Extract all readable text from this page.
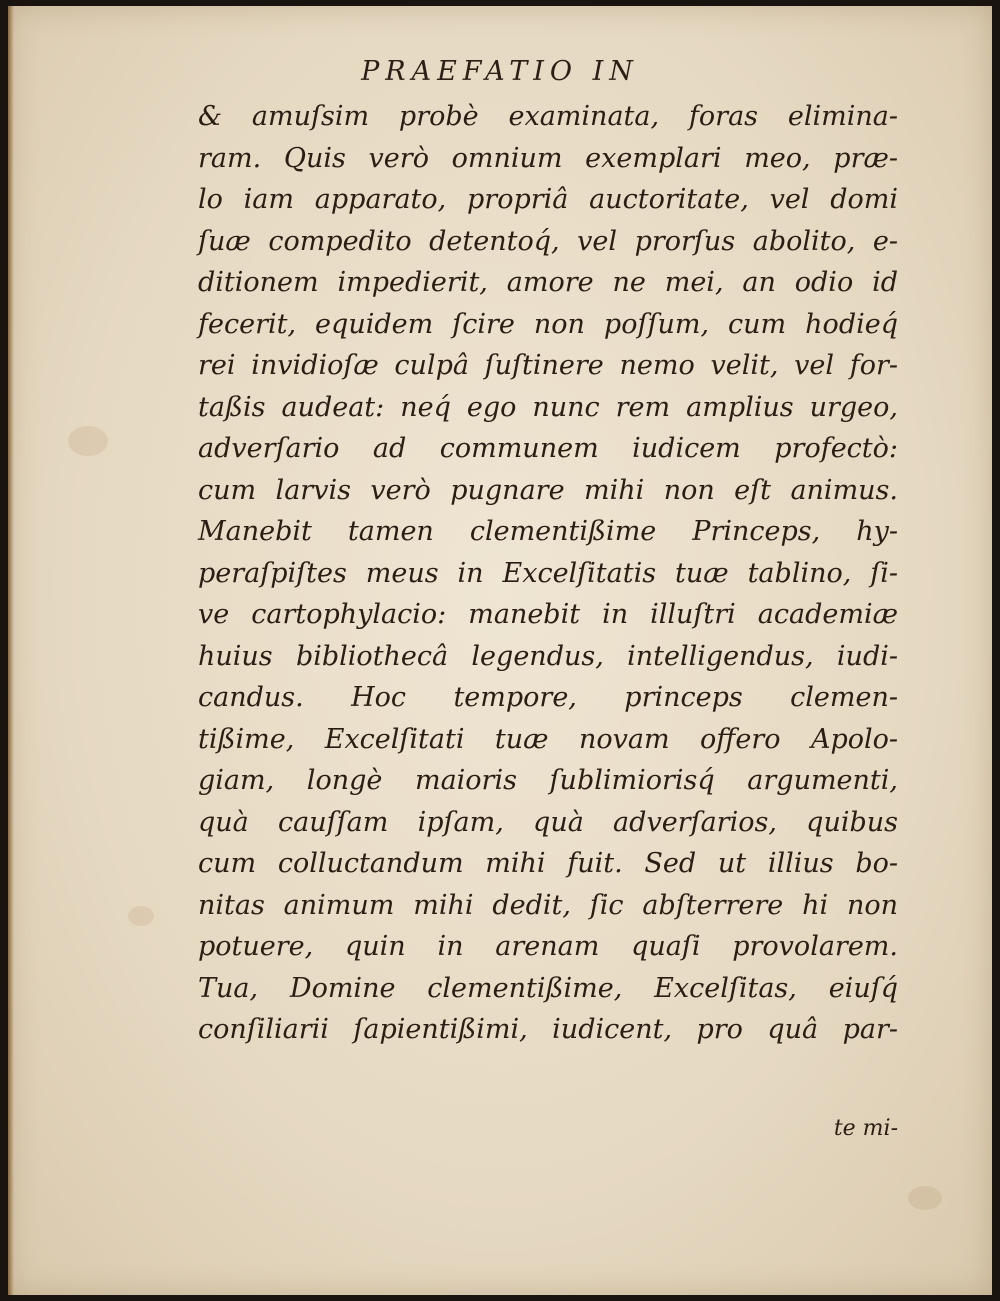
PRAEFATIO IN
& amuſsim probè examinata, foras elimina-
ram. Quis verò omnium exemplari meo, præ-
lo iam apparato, propriâ auctoritate, vel domi
ſuæ compedito detentoq́, vel prorſus abolito, e-
ditionem impedierit, amore ne mei, an odio id
fecerit, equidem ſcire non poſſum, cum hodieq́
rei invidioſæ culpâ ſuſtinere nemo velit, vel for-
taßis audeat: neq́ ego nunc rem amplius urgeo,
adverſario ad communem iudicem profectò:
cum larvis verò pugnare mihi non eſt animus.
Manebit tamen clementißime Princeps, hy-
peraſpiſtes meus in Excelſitatis tuæ tablino, ſi-
ve cartophylacio: manebit in illuſtri academiæ
huius bibliothecâ legendus, intelligendus, iudi-
candus. Hoc tempore, princeps clemen-
tißime, Excelſitati tuæ novam offero Apolo-
giam, longè maioris ſublimiorisq́ argumenti,
quà cauſſam ipſam, quà adverſarios, quibus
cum colluctandum mihi fuit. Sed ut illius bo-
nitas animum mihi dedit, ſic abſterrere hi non
potuere, quin in arenam quaſi provolarem.
Tua, Domine clementißime, Excelſitas, eiuſq́
conſiliarii ſapientißimi, iudicent, pro quâ par-
te mi-
